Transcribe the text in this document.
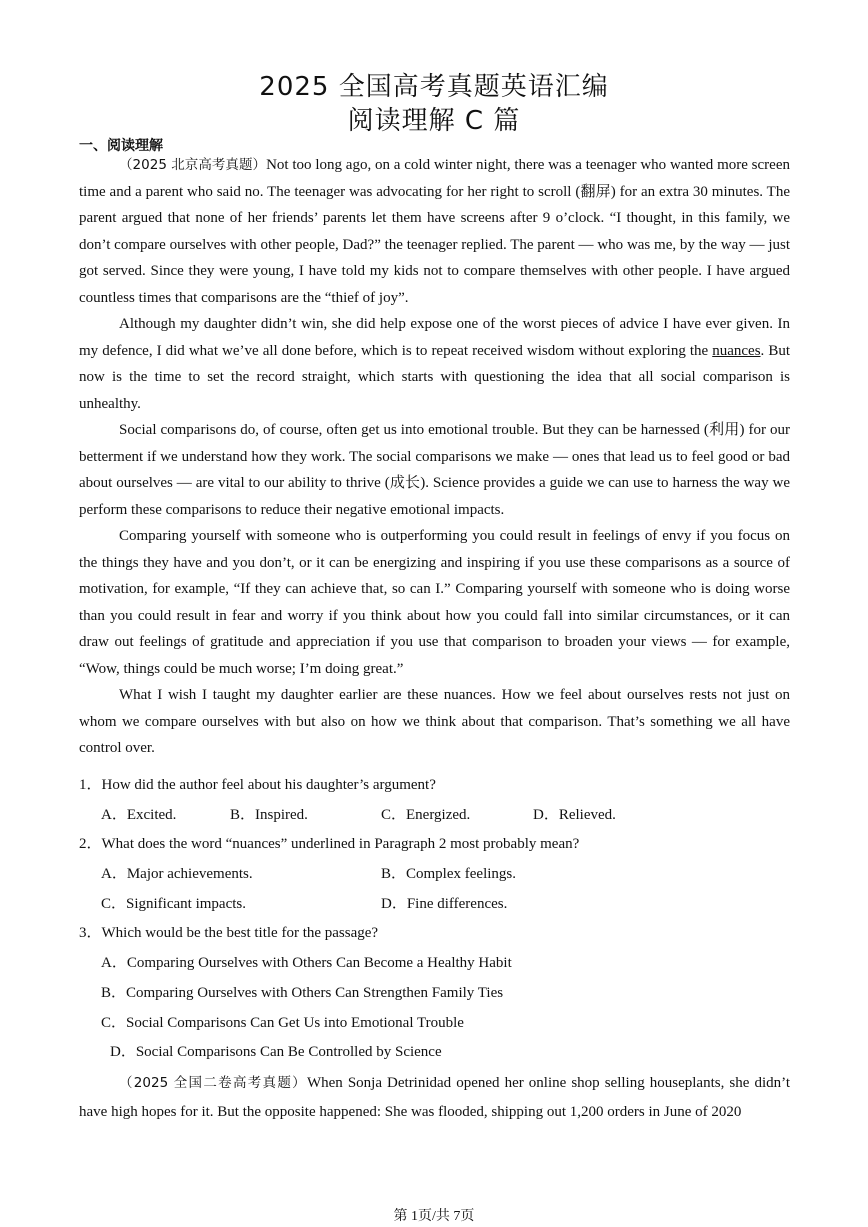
2025 全国高考真题英语汇编
阅读理解 C 篇
一、阅读理解

（2025 北京高考真题）Not too long ago, on a cold winter night, there was a teenager who wanted more screen time and a parent who said no. The teenager was advocating for her right to scroll (翻屏) for an extra 30 minutes. The parent argued that none of her friends’ parents let them have screens after 9 o’clock. “I thought, in this family, we don’t compare ourselves with other people, Dad?” the teenager replied. The parent — who was me, by the way — just got served. Since they were young, I have told my kids not to compare themselves with other people. I have argued countless times that comparisons are the “thief of joy”.

Although my daughter didn’t win, she did help expose one of the worst pieces of advice I have ever given. In my defence, I did what we’ve all done before, which is to repeat received wisdom without exploring the nuances. But now is the time to set the record straight, which starts with questioning the idea that all social comparison is unhealthy.

Social comparisons do, of course, often get us into emotional trouble. But they can be harnessed (利用) for our betterment if we understand how they work. The social comparisons we make — ones that lead us to feel good or bad about ourselves — are vital to our ability to thrive (成长). Science provides a guide we can use to harness the way we perform these comparisons to reduce their negative emotional impacts.

Comparing yourself with someone who is outperforming you could result in feelings of envy if you focus on the things they have and you don’t, or it can be energizing and inspiring if you use these comparisons as a source of motivation, for example, “If they can achieve that, so can I.” Comparing yourself with someone who is doing worse than you could result in fear and worry if you think about how you could fall into similar circumstances, or it can draw out feelings of gratitude and appreciation if you use that comparison to broaden your views — for example, “Wow, things could be much worse; I’m doing great.”

What I wish I taught my daughter earlier are these nuances. How we feel about ourselves rests not just on whom we compare ourselves with but also on how we think about that comparison. That’s something we all have control over.

1．How did the author feel about his daughter’s argument?
A．Excited.	B．Inspired.	C．Energized.	D．Relieved.
2．What does the word “nuances” underlined in Paragraph 2 most probably mean?
A．Major achievements.	B．Complex feelings.
C．Significant impacts.	D．Fine differences.
3．Which would be the best title for the passage?
A．Comparing Ourselves with Others Can Become a Healthy Habit
B．Comparing Ourselves with Others Can Strengthen Family Ties
C．Social Comparisons Can Get Us into Emotional Trouble
D．Social Comparisons Can Be Controlled by Science

（2025 全国二卷高考真题）When Sonja Detrinidad opened her online shop selling houseplants, she didn’t have high hopes for it. But the opposite happened: She was flooded, shipping out 1,200 orders in June of 2020

第 1页/共 7页
